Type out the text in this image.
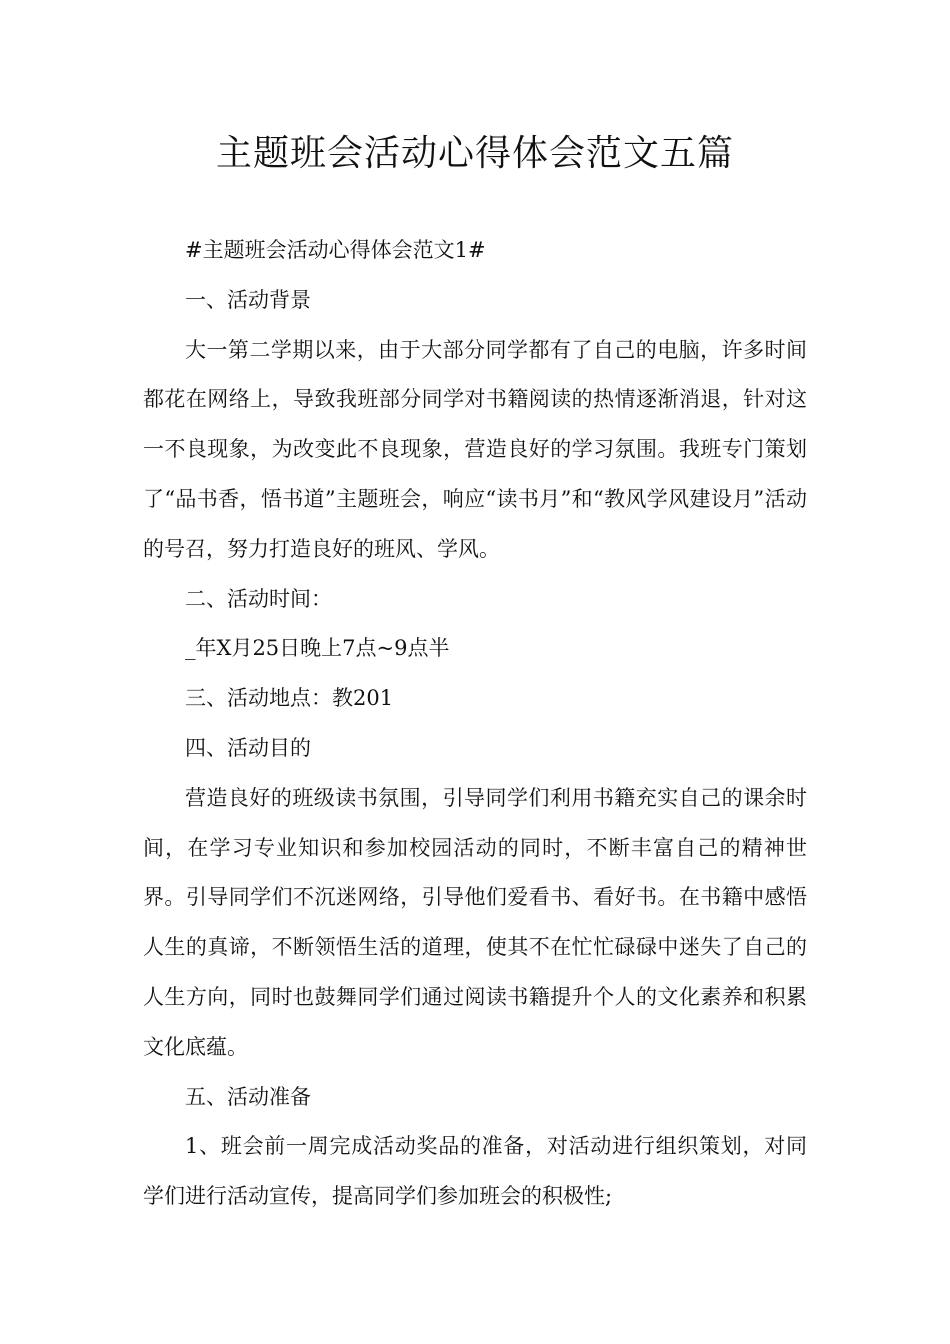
主题班会活动心得体会范文五篇

#主题班会活动心得体会范文1#

一、活动背景

大一第二学期以来，由于大部分同学都有了自己的电脑，许多时间都花在网络上，导致我班部分同学对书籍阅读的热情逐渐消退，针对这一不良现象，为改变此不良现象，营造良好的学习氛围。我班专门策划了“品书香，悟书道”主题班会，响应“读书月”和“教风学风建设月”活动的号召，努力打造良好的班风、学风。

二、活动时间：

_年X月25日晚上7点~9点半

三、活动地点：教201

四、活动目的

营造良好的班级读书氛围，引导同学们利用书籍充实自己的课余时间，在学习专业知识和参加校园活动的同时，不断丰富自己的精神世界。引导同学们不沉迷网络，引导他们爱看书、看好书。在书籍中感悟人生的真谛，不断领悟生活的道理，使其不在忙忙碌碌中迷失了自己的人生方向，同时也鼓舞同学们通过阅读书籍提升个人的文化素养和积累文化底蕴。

五、活动准备

1、班会前一周完成活动奖品的准备，对活动进行组织策划，对同学们进行活动宣传，提高同学们参加班会的积极性;
